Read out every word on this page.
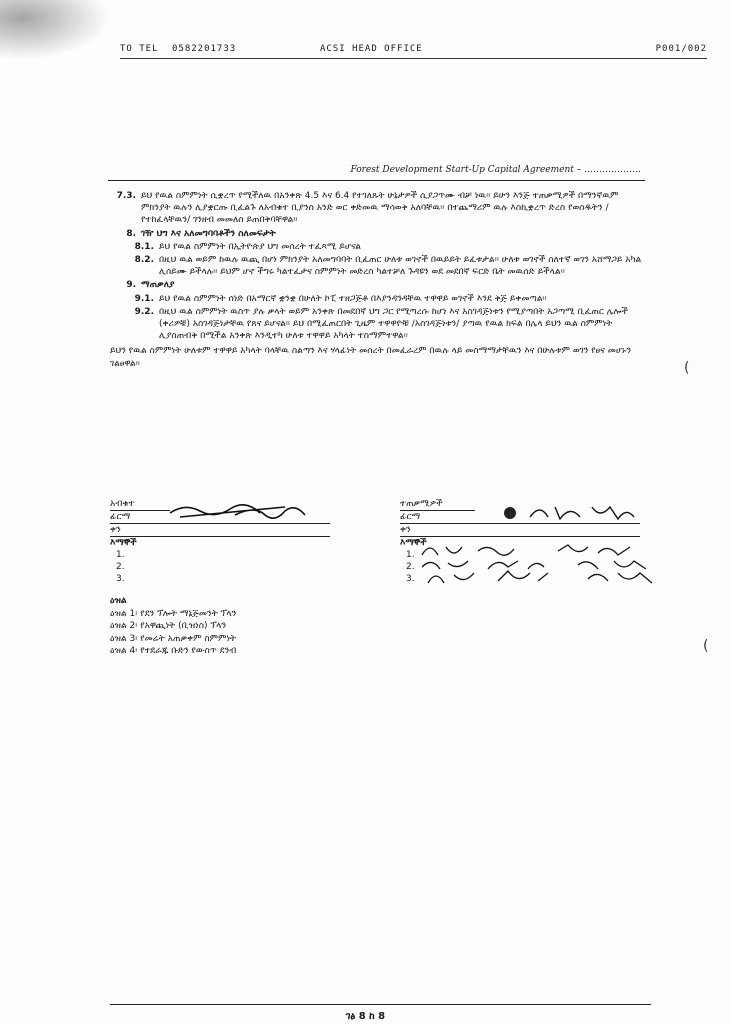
TO TEL 0582201733	ACSI HEAD OFFICE	P001/002
Forest Development Start-Up Capital Agreement – ……………….
7.3. ይህ የዉል ስምምነት ሲቋረጥ የሚችለዉ በአንቀጽ 4.5 እና 6.4 የተገለጹት ሁኔታዎች ሲያጋጥሙ ብቻ ነዉ፡፡ ይሁን እንጅ ተጠቃሚዎች በማንኛዉም ምክንያት ዉሉን ሊያቋርጡ ቢፈልጉ ለአብቁተ ቢያንስ አንድ ወር ቀድመዉ ማሳወቅ አለባቸዉ፡፡ በተጨማሪም ዉሉ እስኪቋረጥ ድረስ የወሰዱትን /የተከፈላቸዉን/ ገንዘብ መመለስ ይጠበቅባቸዋል፡፡
8. ገዥ ህግ እና አለመግባባቶችን ስለመፍታት
8.1. ይህ የዉል ስምምነት በኢትዮጵያ ህግ መሰረት ተፈጻሚ ይሆናል
8.2. በዚህ ዉል ወይም ከዉሉ ዉጪ በሆነ ምክንያት አለመግባባት ቢፈጠር ሁለቱ ወገኖች በዉይይት ይፈቱታል፡፡ ሁለቱ ወገኖች ሰለተኛ ወገን አሸማጋይ አካል ሊሰይሙ ይችላሉ፡፡ ይህም ሆኖ ችግሩ ካልተፈታና ስምምነት መድረስ ካልተቻለ ጉዳዩን ወደ መደበኛ ፍርድ ቤት መዉሰድ ይችላል፡፡
9. ማጠቃለያ
9.1. ይህ የዉል ስምምነት ሰነድ በአማርኛ ቋንቋ በሁለት ኮፒ ተዘጋጅቶ በእያንዳንዳቸዉ ተዋዋይ ወገኖች እንደ ቅጅ ይቀመጣል፡፡
9.2. በዚህ ዉል ስምምነት ዉስጥ ያሉ ቃላት ወይም አንቀጽ በመደበኛ ህግ ጋር የሚጣረሱ ከሆነ እና አስገዳጅነቱን የሚያጣበት አጋጣሚ ቢፈጠር ሌሎች (ቀሪዎቹ) አስገዳጅነታቸዉ የጸና ይሆናል፡፡ ይህ በሚፈጠርበት ጊዜም ተዋዋዮቹ /አስገዳጅነቱን/ ያጣዉ የዉል ክፍል በሌላ ይህን ዉል ስምምነት ሊያስጠብቅ በሚችል አንቀጽ እንዲተካ ሁለቱ ተዋዋይ አካላት ተስማምተዋል፡፡
ይህን የዉል ስምምነት ሁለቱም ተዋዋይ አካላት ባላቸዉ ስልጣን እና ሃላፊነት መሰረት በመፈራረም በዉሉ ላይ መስማማታቸዉን እና በሁሉቱም ወገን የፀና መሆኑን ገልፀዋል፡፡
አብቁተ
ፊርማ
ቀን
እማኞች
1.
2.
3.
ተጠቃሚዎች
ፊርማ
ቀን
እማኞች
1.
2.
3.
ዕዝል
ዕዝል 1፡ የደን ፕሎት ማኔጅመንት ፕላን
ዕዝል 2፡ የአዋጪነት (ቢዝነስ) ፕላን
ዕዝል 3፡ የመሬት አጠቃቀም ስምምነት
ዕዝል 4፡ የተደራጁ ቡድን የውስጥ ደንብ
(
(
ገፅ 8 ከ 8
